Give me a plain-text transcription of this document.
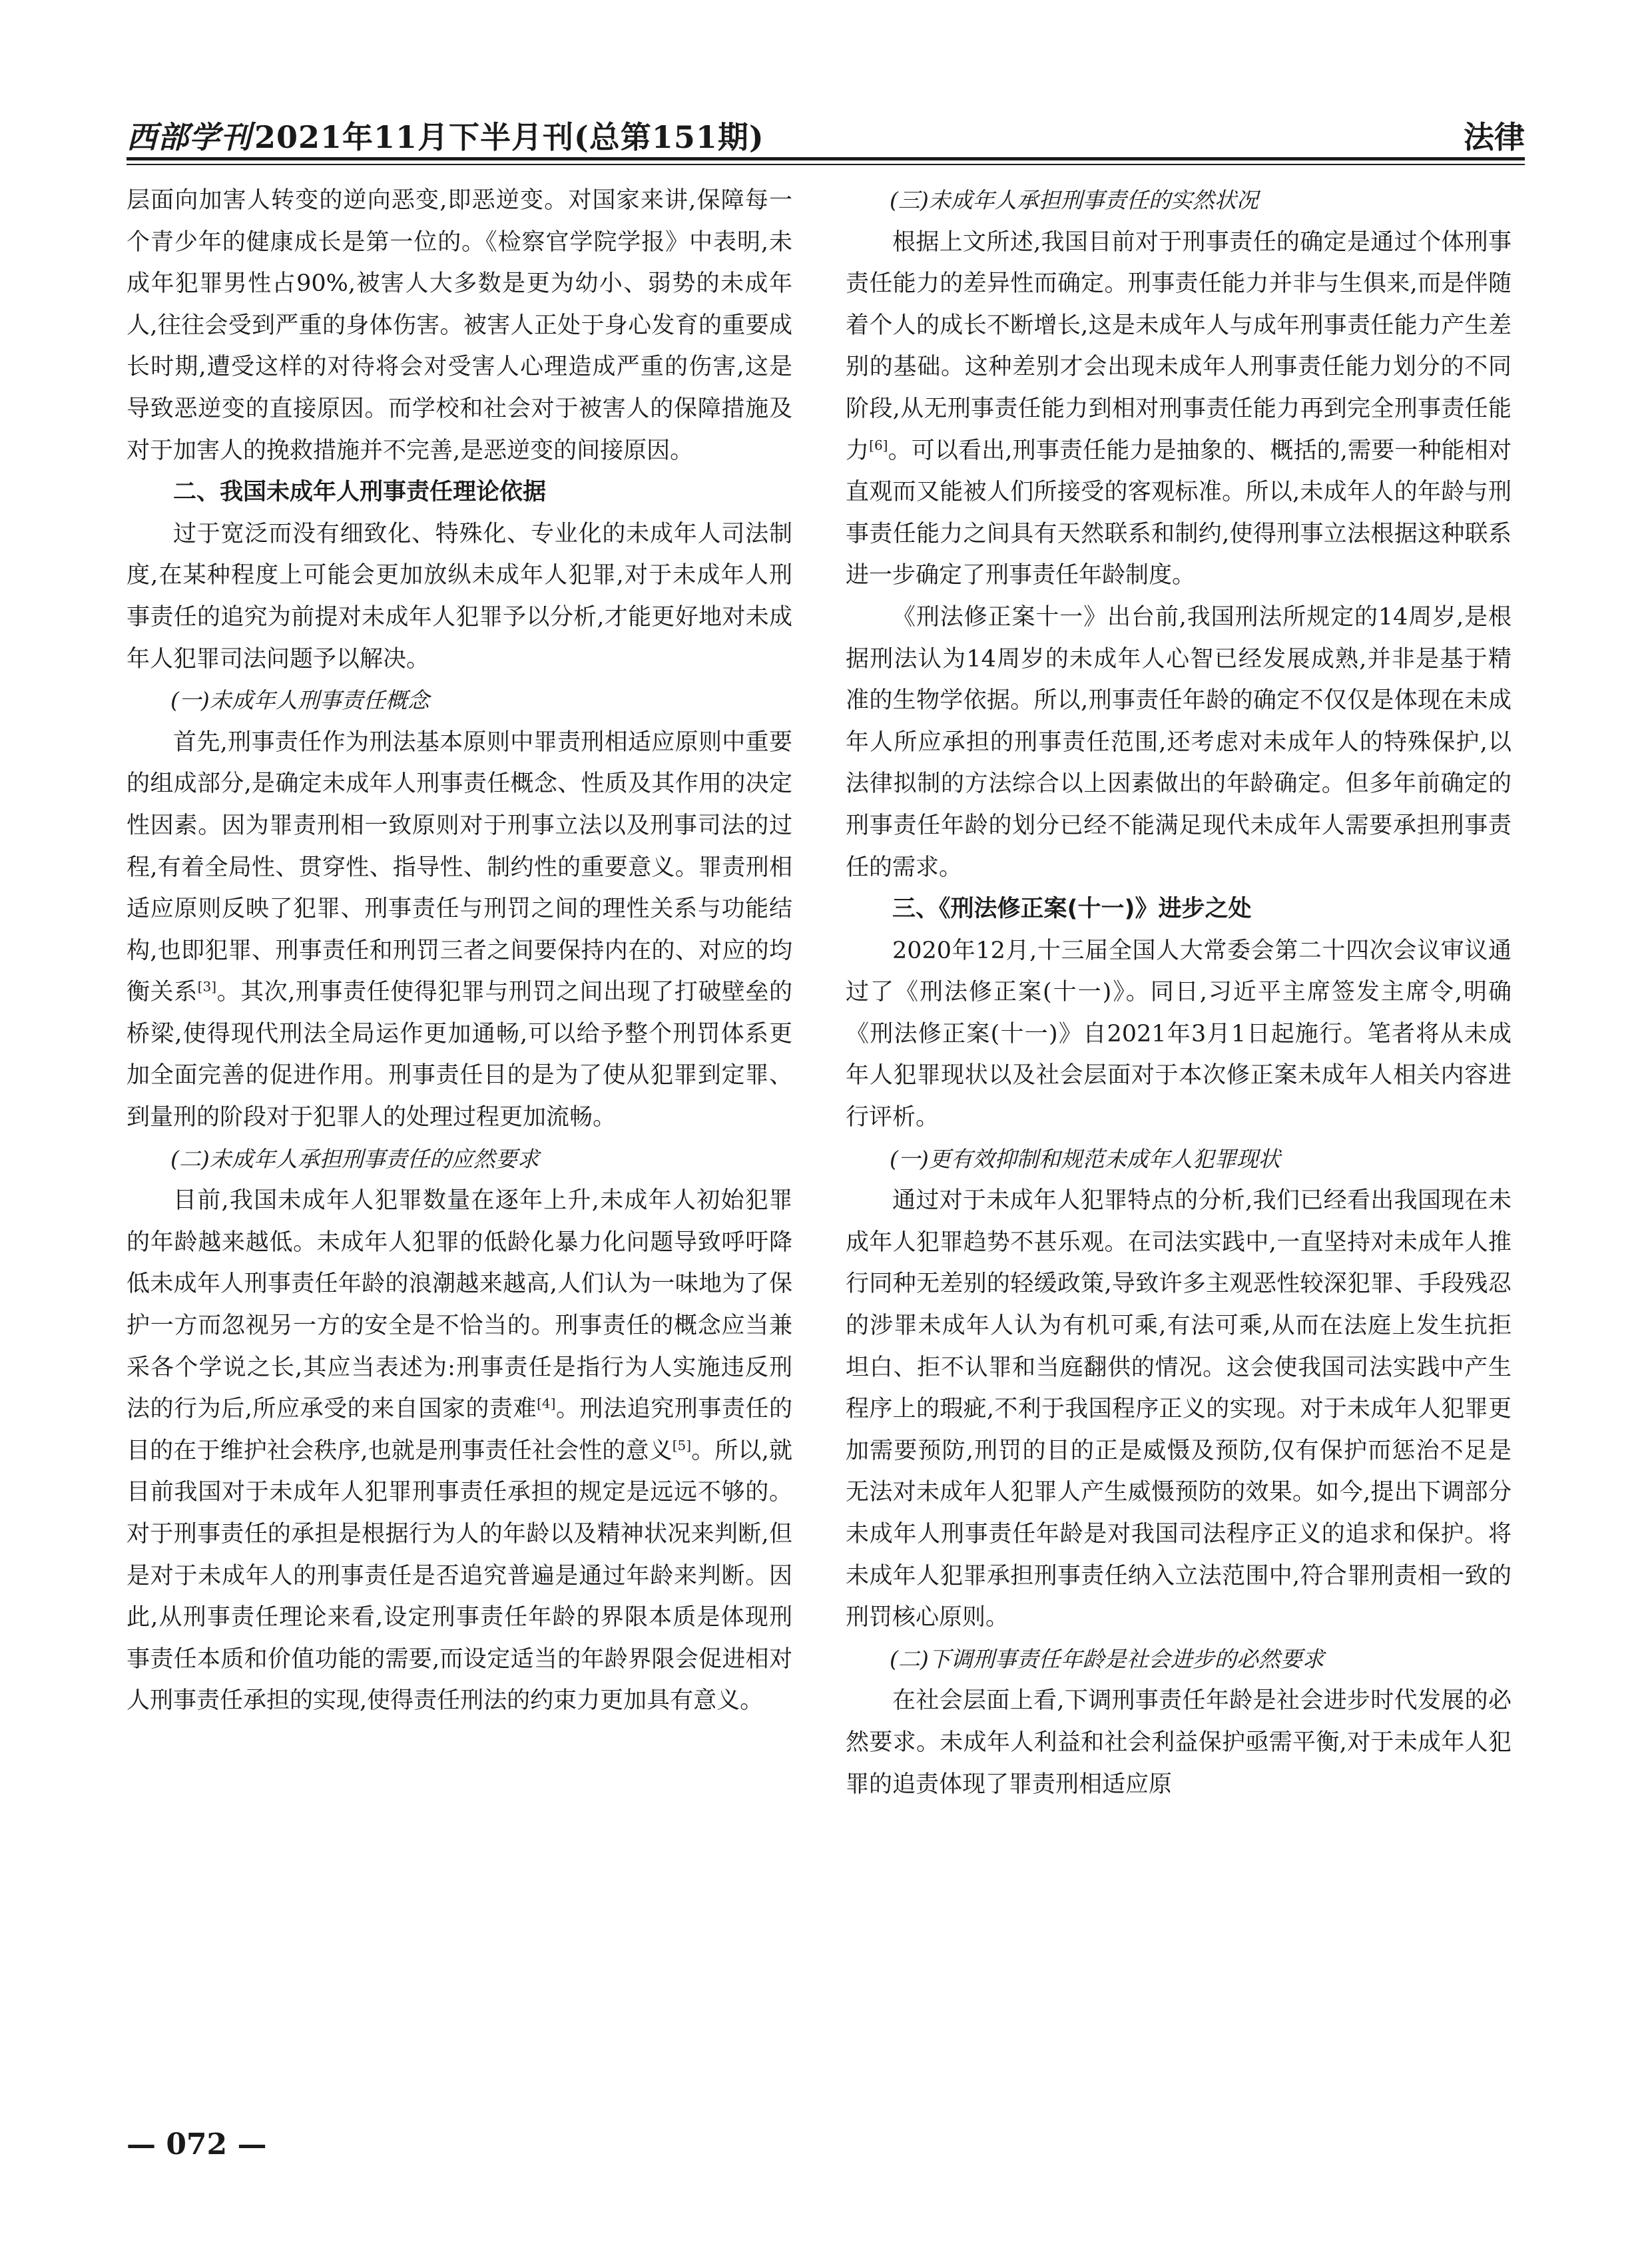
西部学刊2021年11月下半月刊(总第151期)	法律

层面向加害人转变的逆向恶变,即恶逆变。对国家来讲,保障每一个青少年的健康成长是第一位的。《检察官学院学报》中表明,未成年犯罪男性占90%,被害人大多数是更为幼小、弱势的未成年人,往往会受到严重的身体伤害。被害人正处于身心发育的重要成长时期,遭受这样的对待将会对受害人心理造成严重的伤害,这是导致恶逆变的直接原因。而学校和社会对于被害人的保障措施及对于加害人的挽救措施并不完善,是恶逆变的间接原因。

二、我国未成年人刑事责任理论依据

过于宽泛而没有细致化、特殊化、专业化的未成年人司法制度,在某种程度上可能会更加放纵未成年人犯罪,对于未成年人刑事责任的追究为前提对未成年人犯罪予以分析,才能更好地对未成年人犯罪司法问题予以解决。

(一)未成年人刑事责任概念

首先,刑事责任作为刑法基本原则中罪责刑相适应原则中重要的组成部分,是确定未成年人刑事责任概念、性质及其作用的决定性因素。因为罪责刑相一致原则对于刑事立法以及刑事司法的过程,有着全局性、贯穿性、指导性、制约性的重要意义。罪责刑相适应原则反映了犯罪、刑事责任与刑罚之间的理性关系与功能结构,也即犯罪、刑事责任和刑罚三者之间要保持内在的、对应的均衡关系[3]。其次,刑事责任使得犯罪与刑罚之间出现了打破壁垒的桥梁,使得现代刑法全局运作更加通畅,可以给予整个刑罚体系更加全面完善的促进作用。刑事责任目的是为了使从犯罪到定罪、到量刑的阶段对于犯罪人的处理过程更加流畅。

(二)未成年人承担刑事责任的应然要求

目前,我国未成年人犯罪数量在逐年上升,未成年人初始犯罪的年龄越来越低。未成年人犯罪的低龄化暴力化问题导致呼吁降低未成年人刑事责任年龄的浪潮越来越高,人们认为一味地为了保护一方而忽视另一方的安全是不恰当的。刑事责任的概念应当兼采各个学说之长,其应当表述为:刑事责任是指行为人实施违反刑法的行为后,所应承受的来自国家的责难[4]。刑法追究刑事责任的目的在于维护社会秩序,也就是刑事责任社会性的意义[5]。所以,就目前我国对于未成年人犯罪刑事责任承担的规定是远远不够的。对于刑事责任的承担是根据行为人的年龄以及精神状况来判断,但是对于未成年人的刑事责任是否追究普遍是通过年龄来判断。因此,从刑事责任理论来看,设定刑事责任年龄的界限本质是体现刑事责任本质和价值功能的需要,而设定适当的年龄界限会促进相对人刑事责任承担的实现,使得责任刑法的约束力更加具有意义。

(三)未成年人承担刑事责任的实然状况

根据上文所述,我国目前对于刑事责任的确定是通过个体刑事责任能力的差异性而确定。刑事责任能力并非与生俱来,而是伴随着个人的成长不断增长,这是未成年人与成年刑事责任能力产生差别的基础。这种差别才会出现未成年人刑事责任能力划分的不同阶段,从无刑事责任能力到相对刑事责任能力再到完全刑事责任能力[6]。可以看出,刑事责任能力是抽象的、概括的,需要一种能相对直观而又能被人们所接受的客观标准。所以,未成年人的年龄与刑事责任能力之间具有天然联系和制约,使得刑事立法根据这种联系进一步确定了刑事责任年龄制度。

《刑法修正案十一》出台前,我国刑法所规定的14周岁,是根据刑法认为14周岁的未成年人心智已经发展成熟,并非是基于精准的生物学依据。所以,刑事责任年龄的确定不仅仅是体现在未成年人所应承担的刑事责任范围,还考虑对未成年人的特殊保护,以法律拟制的方法综合以上因素做出的年龄确定。但多年前确定的刑事责任年龄的划分已经不能满足现代未成年人需要承担刑事责任的需求。

三、《刑法修正案(十一)》进步之处

2020年12月,十三届全国人大常委会第二十四次会议审议通过了《刑法修正案(十一)》。同日,习近平主席签发主席令,明确《刑法修正案(十一)》自2021年3月1日起施行。笔者将从未成年人犯罪现状以及社会层面对于本次修正案未成年人相关内容进行评析。

(一)更有效抑制和规范未成年人犯罪现状

通过对于未成年人犯罪特点的分析,我们已经看出我国现在未成年人犯罪趋势不甚乐观。在司法实践中,一直坚持对未成年人推行同种无差别的轻缓政策,导致许多主观恶性较深犯罪、手段残忍的涉罪未成年人认为有机可乘,有法可乘,从而在法庭上发生抗拒坦白、拒不认罪和当庭翻供的情况。这会使我国司法实践中产生程序上的瑕疵,不利于我国程序正义的实现。对于未成年人犯罪更加需要预防,刑罚的目的正是威慑及预防,仅有保护而惩治不足是无法对未成年人犯罪人产生威慑预防的效果。如今,提出下调部分未成年人刑事责任年龄是对我国司法程序正义的追求和保护。将未成年人犯罪承担刑事责任纳入立法范围中,符合罪刑责相一致的刑罚核心原则。

(二)下调刑事责任年龄是社会进步的必然要求

在社会层面上看,下调刑事责任年龄是社会进步时代发展的必然要求。未成年人利益和社会利益保护亟需平衡,对于未成年人犯罪的追责体现了罪责刑相适应原

— 072 —
